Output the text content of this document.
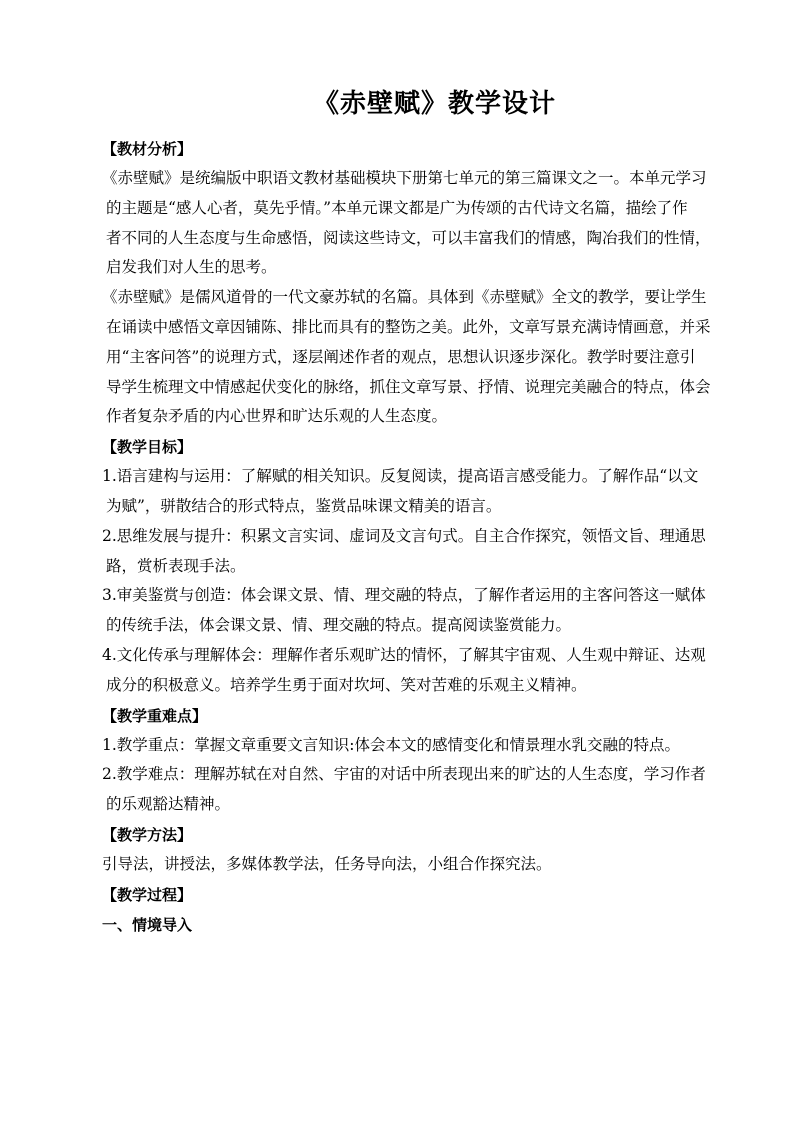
《赤壁赋》教学设计
【教材分析】
《赤壁赋》是统编版中职语文教材基础模块下册第七单元的第三篇课文之一。本单元学习
的主题是“感人心者，莫先乎情。”本单元课文都是广为传颂的古代诗文名篇，描绘了作
者不同的人生态度与生命感悟，阅读这些诗文，可以丰富我们的情感，陶冶我们的性情，
启发我们对人生的思考。
《赤壁赋》是儒风道骨的一代文豪苏轼的名篇。具体到《赤壁赋》全文的教学，要让学生
在诵读中感悟文章因铺陈、排比而具有的整饬之美。此外，文章写景充满诗情画意，并采
用“主客问答”的说理方式，逐层阐述作者的观点，思想认识逐步深化。教学时要注意引
导学生梳理文中情感起伏变化的脉络，抓住文章写景、抒情、说理完美融合的特点，体会
作者复杂矛盾的内心世界和旷达乐观的人生态度。
【教学目标】
1.语言建构与运用：了解赋的相关知识。反复阅读，提高语言感受能力。了解作品“以文
为赋”，骈散结合的形式特点，鉴赏品味课文精美的语言。
2.思维发展与提升：积累文言实词、虚词及文言句式。自主合作探究，领悟文旨、理通思
路，赏析表现手法。
3.审美鉴赏与创造：体会课文景、情、理交融的特点，了解作者运用的主客问答这一赋体
的传统手法，体会课文景、情、理交融的特点。提高阅读鉴赏能力。
4.文化传承与理解体会：理解作者乐观旷达的情怀，了解其宇宙观、人生观中辩证、达观
成分的积极意义。培养学生勇于面对坎坷、笑对苦难的乐观主义精神。
【教学重难点】
1.教学重点：掌握文章重要文言知识:体会本文的感情变化和情景理水乳交融的特点。
2.教学难点：理解苏轼在对自然、宇宙的对话中所表现出来的旷达的人生态度，学习作者
的乐观豁达精神。
【教学方法】
引导法，讲授法，多媒体教学法，任务导向法，小组合作探究法。
【教学过程】
一、情境导入
